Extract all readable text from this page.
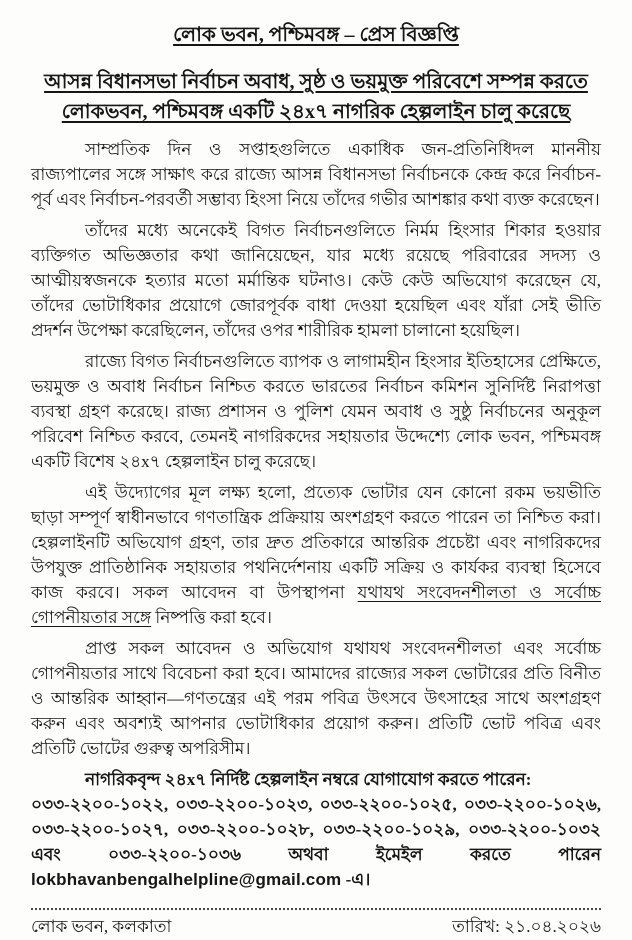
লোক ভবন, পশ্চিমবঙ্গ – প্রেস বিজ্ঞপ্তি
আসন্ন বিধানসভা নির্বাচন অবাধ, সুষ্ঠ ও ভয়মুক্ত পরিবেশে সম্পন্ন করতে লোকভবন, পশ্চিমবঙ্গ একটি ২৪x৭ নাগরিক হেল্পলাইন চালু করেছে

সাম্প্রতিক দিন ও সপ্তাহগুলিতে একাধিক জন-প্রতিনিধিদল মাননীয় রাজ্যপালের সঙ্গে সাক্ষাৎ করে রাজ্যে আসন্ন বিধানসভা নির্বাচনকে কেন্দ্র করে নির্বাচন-পূর্ব এবং নির্বাচন-পরবর্তী সম্ভাব্য হিংসা নিয়ে তাঁদের গভীর আশঙ্কার কথা ব্যক্ত করেছেন।

তাঁদের মধ্যে অনেকেই বিগত নির্বাচনগুলিতে নির্মম হিংসার শিকার হওয়ার ব্যক্তিগত অভিজ্ঞতার কথা জানিয়েছেন, যার মধ্যে রয়েছে পরিবারের সদস্য ও আত্মীয়স্বজনকে হত্যার মতো মর্মান্তিক ঘটনাও। কেউ কেউ অভিযোগ করেছেন যে, তাঁদের ভোটাধিকার প্রয়োগে জোরপূর্বক বাধা দেওয়া হয়েছিল এবং যাঁরা সেই ভীতি প্রদর্শন উপেক্ষা করেছিলেন, তাঁদের ওপর শারীরিক হামলা চালানো হয়েছিল।

রাজ্যে বিগত নির্বাচনগুলিতে ব্যাপক ও লাগামহীন হিংসার ইতিহাসের প্রেক্ষিতে, ভয়মুক্ত ও অবাধ নির্বাচন নিশ্চিত করতে ভারতের নির্বাচন কমিশন সুনির্দিষ্ট নিরাপত্তা ব্যবস্থা গ্রহণ করেছে। রাজ্য প্রশাসন ও পুলিশ যেমন অবাধ ও সুষ্ঠু নির্বাচনের অনুকূল পরিবেশ নিশ্চিত করবে, তেমনই নাগরিকদের সহায়তার উদ্দেশ্যে লোক ভবন, পশ্চিমবঙ্গ একটি বিশেষ ২৪x৭ হেল্পলাইন চালু করেছে।

এই উদ্যোগের মূল লক্ষ্য হলো, প্রত্যেক ভোটার যেন কোনো রকম ভয়ভীতি ছাড়া সম্পূর্ণ স্বাধীনভাবে গণতান্ত্রিক প্রক্রিয়ায় অংশগ্রহণ করতে পারেন তা নিশ্চিত করা। হেল্পলাইনটি অভিযোগ গ্রহণ, তার দ্রুত প্রতিকারে আন্তরিক প্রচেষ্টা এবং নাগরিকদের উপযুক্ত প্রাতিষ্ঠানিক সহায়তার পথনির্দেশনায় একটি সক্রিয় ও কার্যকর ব্যবস্থা হিসেবে কাজ করবে। সকল আবেদন বা উপস্থাপনা যথাযথ সংবেদনশীলতা ও সর্বোচ্চ গোপনীয়তার সঙ্গে নিষ্পত্তি করা হবে।

প্রাপ্ত সকল আবেদন ও অভিযোগ যথাযথ সংবেদনশীলতা এবং সর্বোচ্চ গোপনীয়তার সাথে বিবেচনা করা হবে। আমাদের রাজ্যের সকল ভোটারের প্রতি বিনীত ও আন্তরিক আহ্বান—গণতন্ত্রের এই পরম পবিত্র উৎসবে উৎসাহের সাথে অংশগ্রহণ করুন এবং অবশ্যই আপনার ভোটাধিকার প্রয়োগ করুন। প্রতিটি ভোট পবিত্র এবং প্রতিটি ভোটের গুরুত্ব অপরিসীম।

নাগরিকবৃন্দ ২৪x৭ নির্দিষ্ট হেল্পলাইন নম্বরে যোগাযোগ করতে পারেন:
০৩৩-২২০০-১০২২, ০৩৩-২২০০-১০২৩, ০৩৩-২২০০-১০২৫, ০৩৩-২২০০-১০২৬, ০৩৩-২২০০-১০২৭, ০৩৩-২২০০-১০২৮, ০৩৩-২২০০-১০২৯, ০৩৩-২২০০-১০৩২ এবং	০৩৩-২২০০-১০৩৬	অথবা ইমেইল করতে পারেন lokbhavanbengalhelpline@gmail.com -এ।

লোক ভবন, কলকাতা	তারিখ: ২১.০৪.২০২৬
